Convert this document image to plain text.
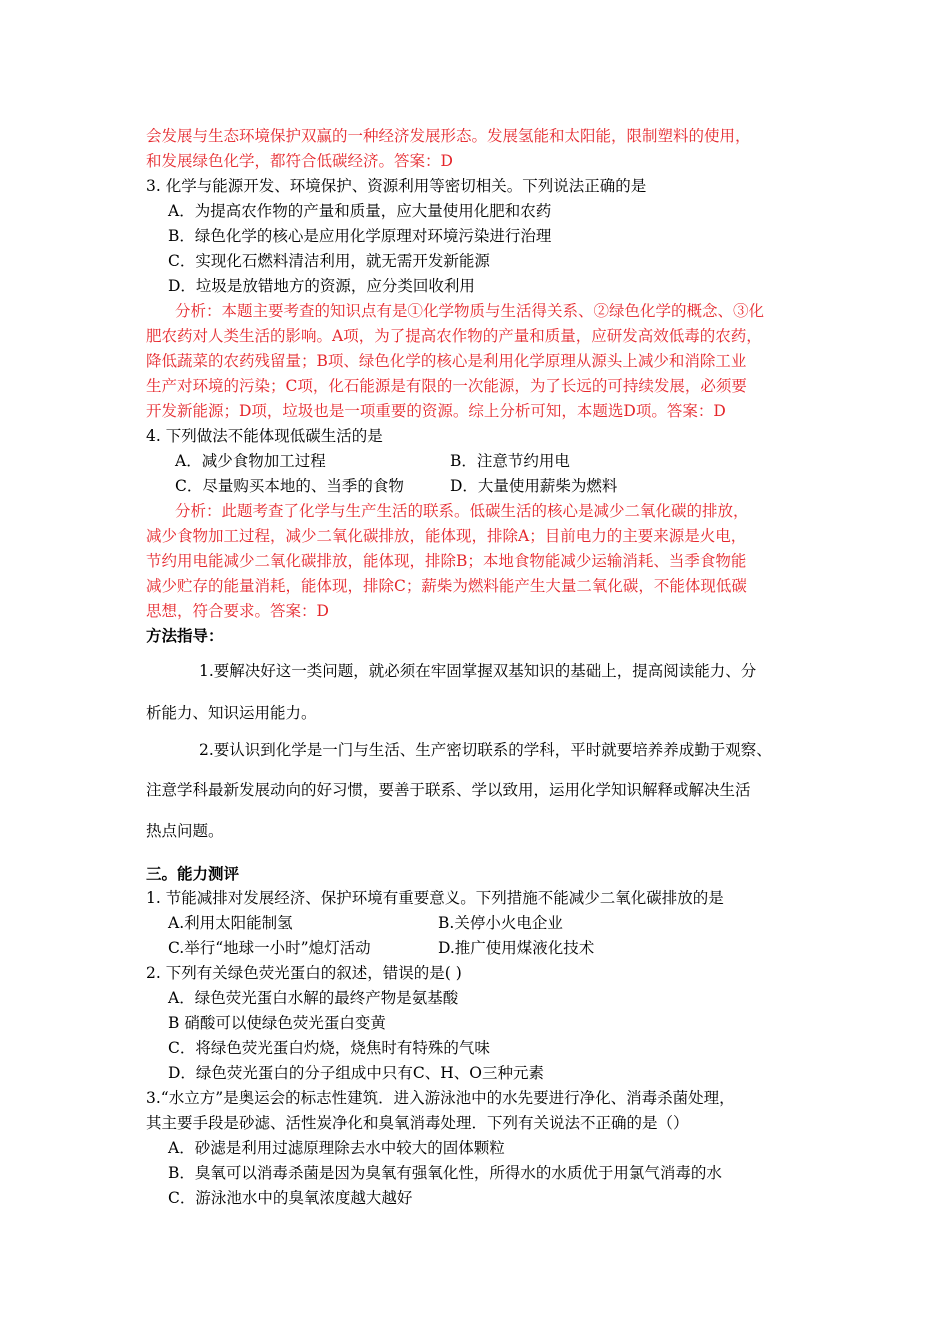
会发展与生态环境保护双赢的一种经济发展形态。发展氢能和太阳能，限制塑料的使用，
和发展绿色化学，都符合低碳经济。答案：D
3. 化学与能源开发、环境保护、资源利用等密切相关。下列说法正确的是
A．为提高农作物的产量和质量，应大量使用化肥和农药
B．绿色化学的核心是应用化学原理对环境污染进行治理
C．实现化石燃料清洁利用，就无需开发新能源
D．垃圾是放错地方的资源，应分类回收利用
分析：本题主要考查的知识点有是①化学物质与生活得关系、②绿色化学的概念、③化
肥农药对人类生活的影响。A项，为了提高农作物的产量和质量，应研发高效低毒的农药，
降低蔬菜的农药残留量；B项、绿色化学的核心是利用化学原理从源头上减少和消除工业
生产对环境的污染；C项，化石能源是有限的一次能源，为了长远的可持续发展，必须要
开发新能源；D项，垃圾也是一项重要的资源。综上分析可知，本题选D项。答案：D
4. 下列做法不能体现低碳生活的是
A．减少食物加工过程	B．注意节约用电
C．尽量购买本地的、当季的食物	D．大量使用薪柴为燃料
分析：此题考查了化学与生产生活的联系。低碳生活的核心是减少二氧化碳的排放，
减少食物加工过程，减少二氧化碳排放，能体现，排除A；目前电力的主要来源是火电，
节约用电能减少二氧化碳排放，能体现，排除B；本地食物能减少运输消耗、当季食物能
减少贮存的能量消耗，能体现，排除C；薪柴为燃料能产生大量二氧化碳，不能体现低碳
思想，符合要求。答案：D
方法指导：
1.要解决好这一类问题，就必须在牢固掌握双基知识的基础上，提高阅读能力、分
析能力、知识运用能力。
2.要认识到化学是一门与生活、生产密切联系的学科，平时就要培养养成勤于观察、
注意学科最新发展动向的好习惯，要善于联系、学以致用，运用化学知识解释或解决生活
热点问题。
三。能力测评
1. 节能减排对发展经济、保护环境有重要意义。下列措施不能减少二氧化碳排放的是
A.利用太阳能制氢	B.关停小火电企业
C.举行“地球一小时”熄灯活动	D.推广使用煤液化技术
2. 下列有关绿色荧光蛋白的叙述，错误的是( )
A．绿色荧光蛋白水解的最终产物是氨基酸
B 硝酸可以使绿色荧光蛋白变黄
C．将绿色荧光蛋白灼烧，烧焦时有特殊的气味
D．绿色荧光蛋白的分子组成中只有C、H、O三种元素
3.“水立方”是奥运会的标志性建筑．进入游泳池中的水先要进行净化、消毒杀菌处理，
其主要手段是砂滤、活性炭净化和臭氧消毒处理．下列有关说法不正确的是（）
A．砂滤是利用过滤原理除去水中较大的固体颗粒
B．臭氧可以消毒杀菌是因为臭氧有强氧化性，所得水的水质优于用氯气消毒的水
C．游泳池水中的臭氧浓度越大越好
